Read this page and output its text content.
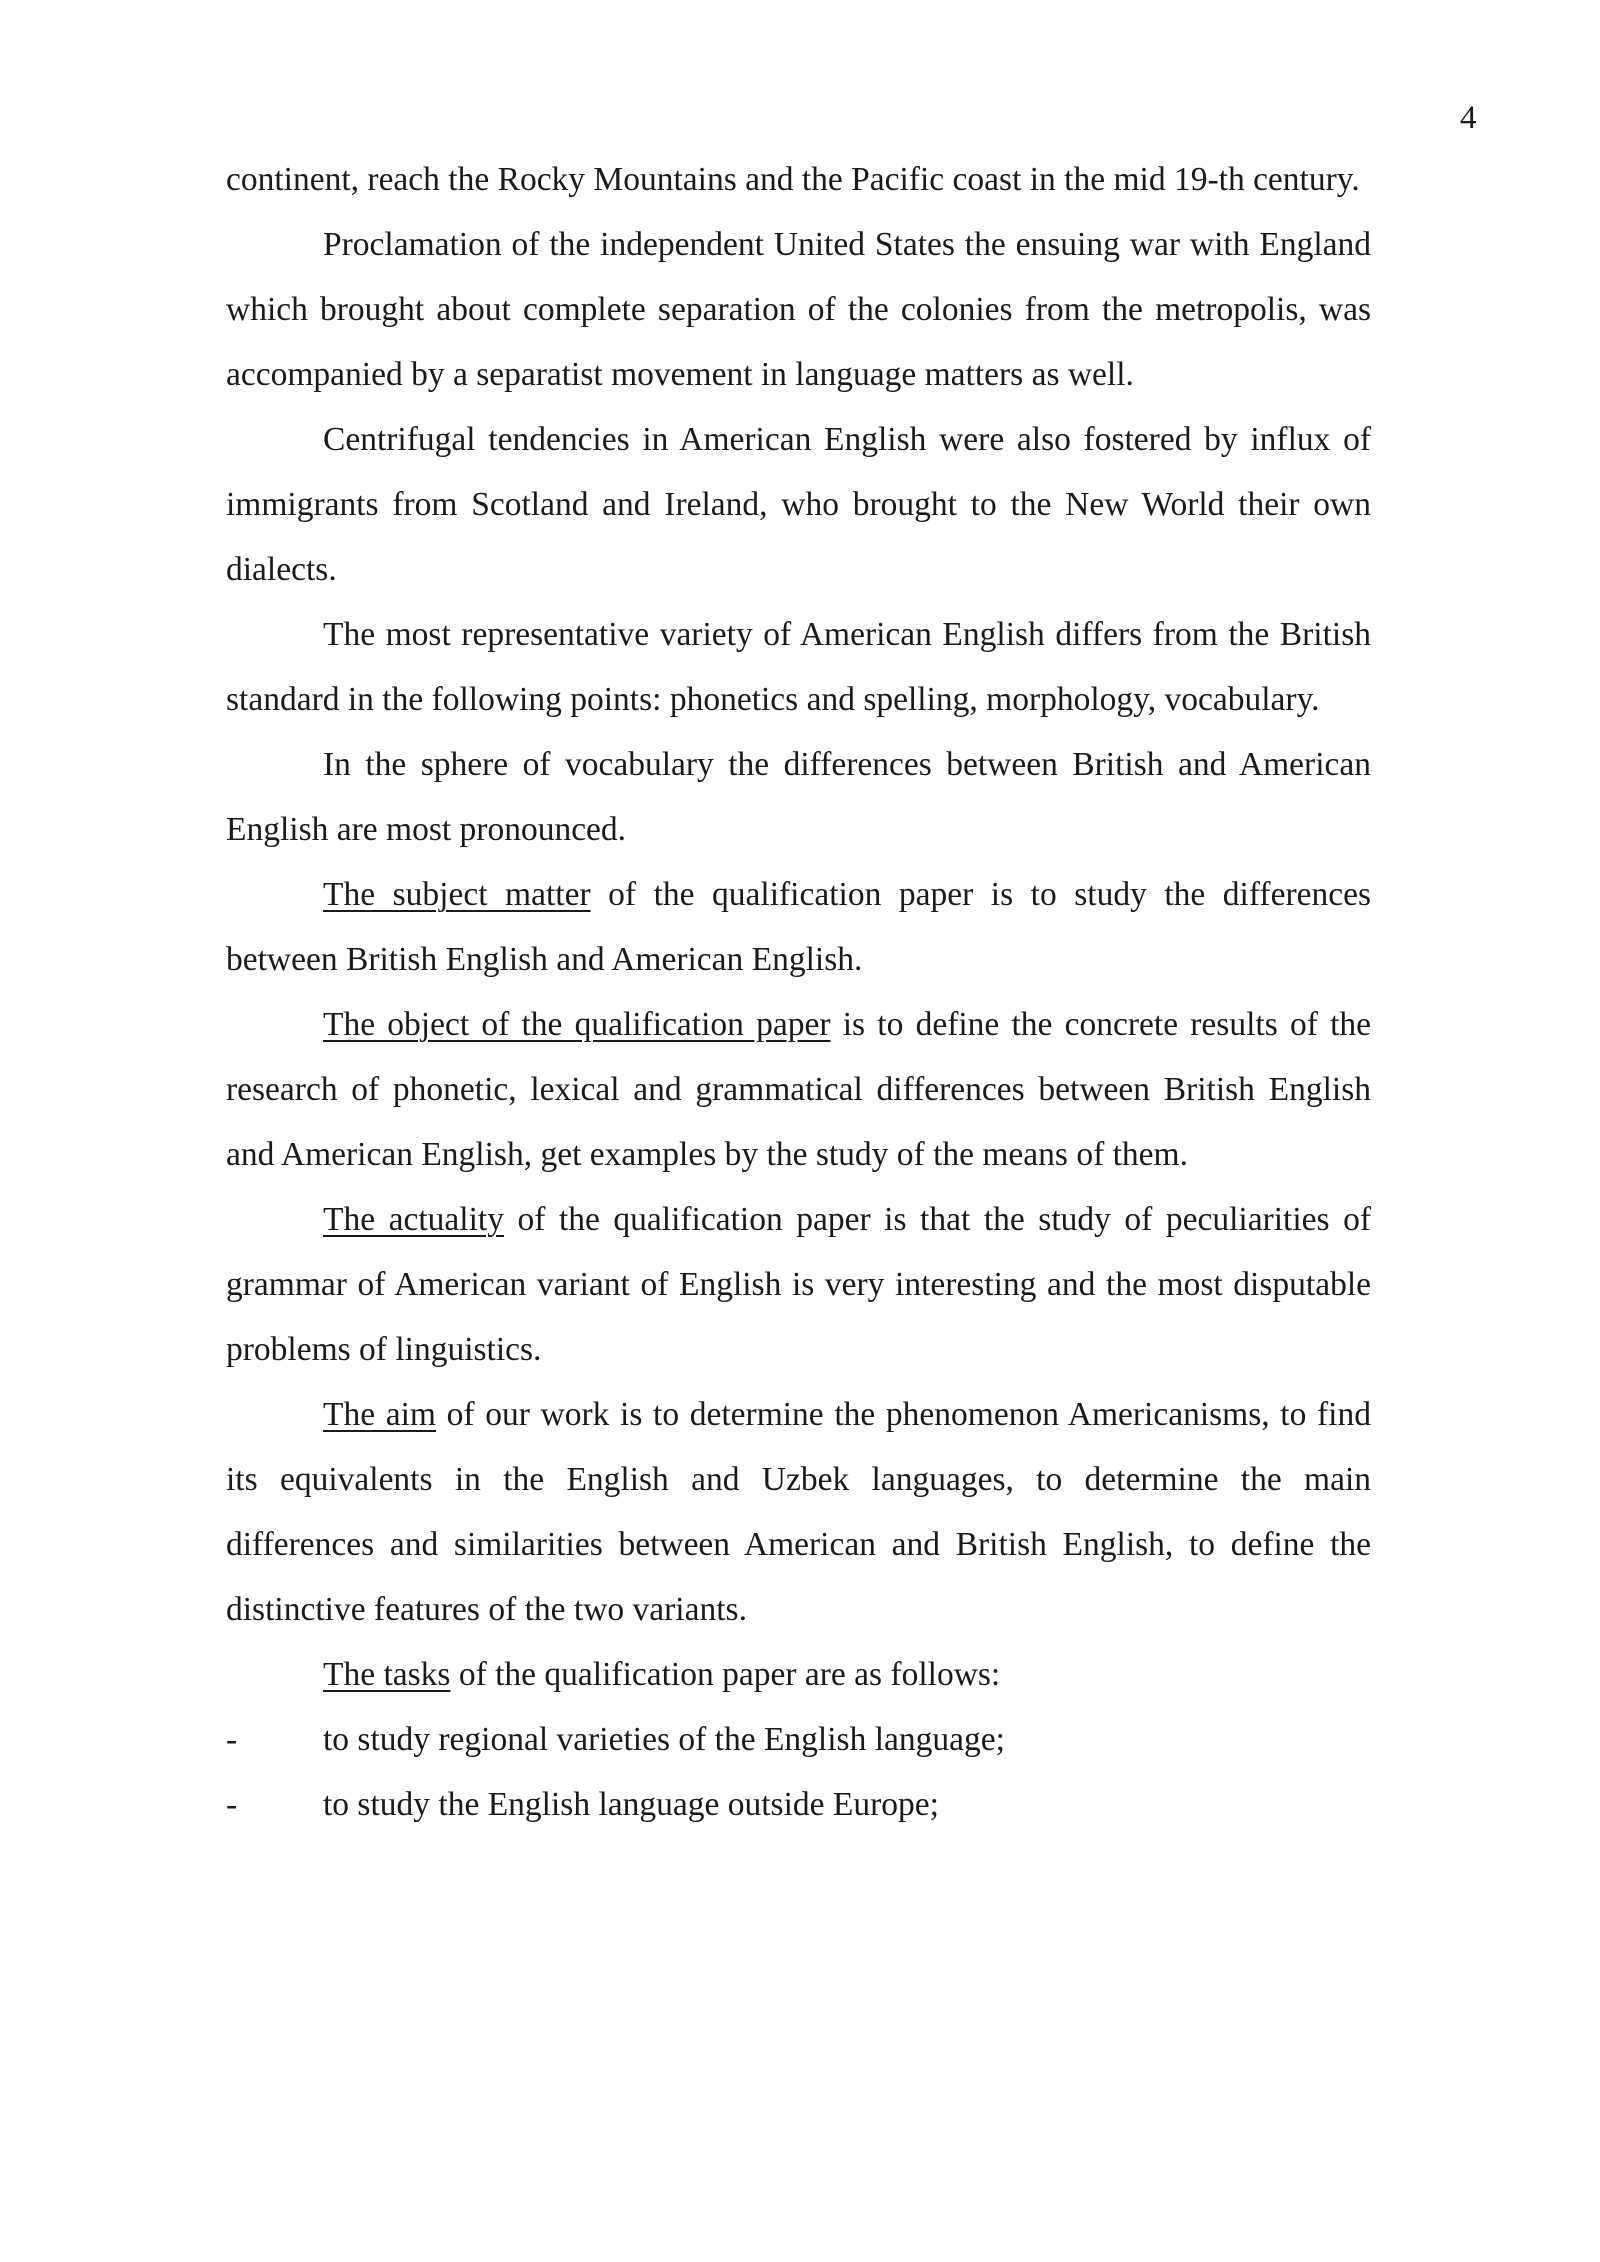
4

continent, reach the Rocky Mountains and the Pacific coast in the mid 19-th century.

Proclamation of the independent United States the ensuing war with England which brought about complete separation of the colonies from the metropolis, was accompanied by a separatist movement in language matters as well.

Centrifugal tendencies in American English were also fostered by influx of immigrants from Scotland and Ireland, who brought to the New World their own dialects.

The most representative variety of American English differs from the British standard in the following points: phonetics and spelling, morphology, vocabulary.

In the sphere of vocabulary the differences between British and American English are most pronounced.

The subject matter of the qualification paper is to study the differences between British English and American English.

The object of the qualification paper is to define the concrete results of the research of phonetic, lexical and grammatical differences between British English and American English, get examples by the study of the means of them.

The actuality of the qualification paper is that the study of peculiarities of grammar of American variant of English is very interesting and the most disputable problems of linguistics.

The aim of our work is to determine the phenomenon Americanisms, to find its equivalents in the English and Uzbek languages, to determine the main differences and similarities between American and British English, to define the distinctive features of the two variants.

The tasks of the qualification paper are as follows:

-	to study regional varieties of the English language;
-	to study the English language outside Europe;
